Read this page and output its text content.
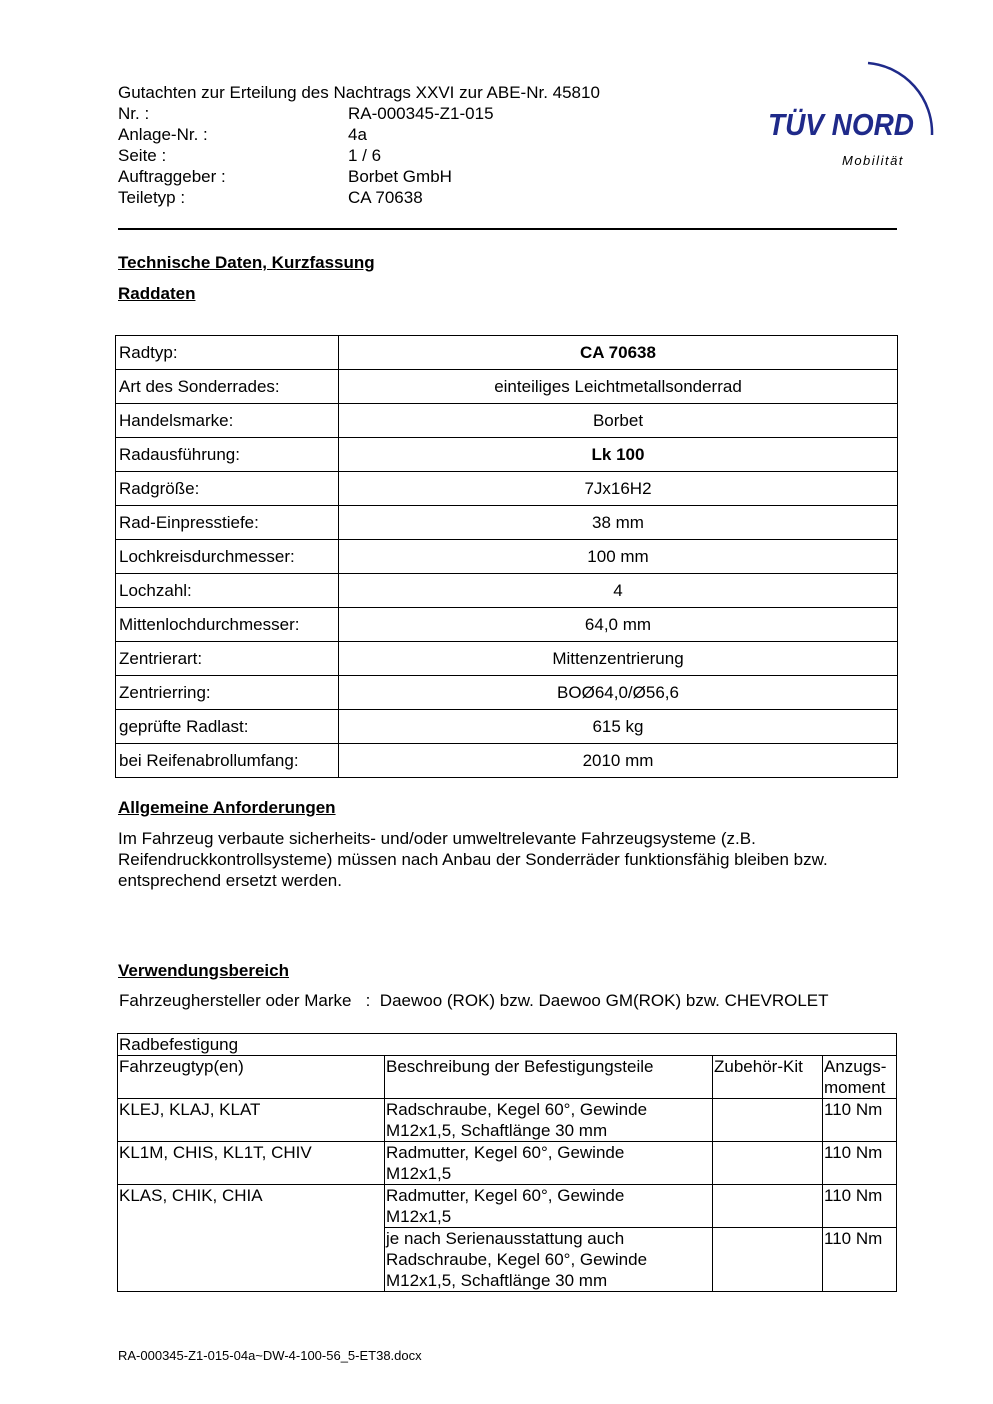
Gutachten zur Erteilung des Nachtrags XXVI zur ABE-Nr. 45810
Nr. :	RA-000345-Z1-015
Anlage-Nr. :	4a
Seite :	1 / 6
Auftraggeber :	Borbet GmbH
Teiletyp :	CA 70638
TÜV NORD
Mobilität
Technische Daten, Kurzfassung
Raddaten
Radtyp:	CA 70638
Art des Sonderrades:	einteiliges Leichtmetallsonderrad
Handelsmarke:	Borbet
Radausführung:	Lk 100
Radgröße:	7Jx16H2
Rad-Einpresstiefe:	38 mm
Lochkreisdurchmesser:	100 mm
Lochzahl:	4
Mittenlochdurchmesser:	64,0 mm
Zentrierart:	Mittenzentrierung
Zentrierring:	BOØ64,0/Ø56,6
geprüfte Radlast:	615 kg
bei Reifenabrollumfang:	2010 mm
Allgemeine Anforderungen
Im Fahrzeug verbaute sicherheits- und/oder umweltrelevante Fahrzeugsysteme (z.B.
Reifendruckkontrollsysteme) müssen nach Anbau der Sonderräder funktionsfähig bleiben bzw.
entsprechend ersetzt werden.
Verwendungsbereich
Fahrzeughersteller oder Marke   : Daewoo (ROK) bzw. Daewoo GM(ROK) bzw. CHEVROLET
Radbefestigung			
Fahrzeugtyp(en)	Beschreibung der Befestigungsteile	Zubehör-Kit	Anzugs-
moment

KLEJ, KLAJ, KLAT	Radschraube, Kegel 60°, Gewinde
M12x1,5, Schaftlänge 30 mm		110 Nm
KL1M, CHIS, KL1T, CHIV	Radmutter, Kegel 60°, Gewinde
M12x1,5		110 Nm
KLAS, CHIK, CHIA	Radmutter, Kegel 60°, Gewinde
M12x1,5		110 Nm

	je nach Serienausstattung auch
Radschraube, Kegel 60°, Gewinde
M12x1,5, Schaftlänge 30 mm		110 Nm
RA-000345-Z1-015-04a~DW-4-100-56_5-ET38.docx
